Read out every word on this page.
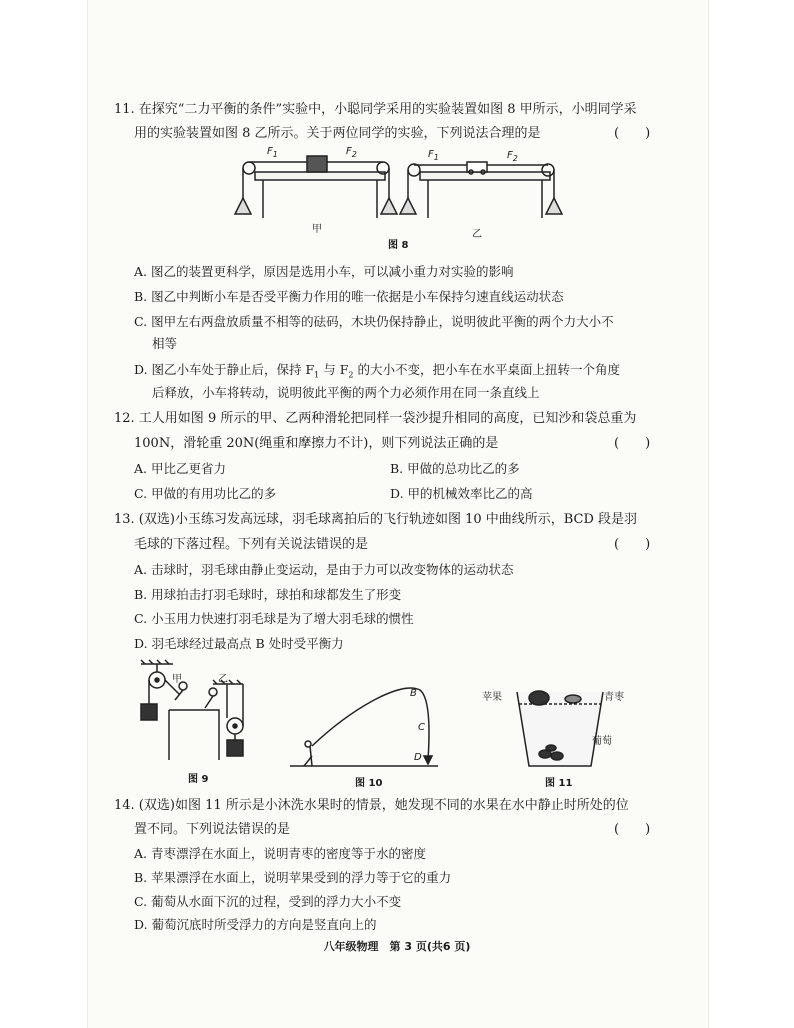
11. 在探究“二力平衡的条件”实验中，小聪同学采用的实验装置如图 8 甲所示，小明同学采
用的实验装置如图 8 乙所示。关于两位同学的实验，下列说法合理的是	(　　)
$F_1$	$F_2$	$F_1$	$F_2$
甲	乙
图 8
A. 图乙的装置更科学，原因是选用小车，可以减小重力对实验的影响
B. 图乙中判断小车是否受平衡力作用的唯一依据是小车保持匀速直线运动状态
C. 图甲左右两盘放质量不相等的砝码，木块仍保持静止，说明彼此平衡的两个力大小不
相等
D. 图乙小车处于静止后，保持 $F_1$ 与 $F_2$ 的大小不变，把小车在水平桌面上扭转一个角度
后释放，小车将转动，说明彼此平衡的两个力必须作用在同一条直线上
12. 工人用如图 9 所示的甲、乙两种滑轮把同样一袋沙提升相同的高度，已知沙和袋总重为
100N，滑轮重 20N(绳重和摩擦力不计)，则下列说法正确的是	(　　)
A. 甲比乙更省力	B. 甲做的总功比乙的多
C. 甲做的有用功比乙的多	D. 甲的机械效率比乙的高
13. (双选)小玉练习发高远球，羽毛球离拍后的飞行轨迹如图 10 中曲线所示，BCD 段是羽
毛球的下落过程。下列有关说法错误的是	(　　)
A. 击球时，羽毛球由静止变运动，是由于力可以改变物体的运动状态
B. 用球拍击打羽毛球时，球拍和球都发生了形变
C. 小玉用力快速打羽毛球是为了增大羽毛球的惯性
D. 羽毛球经过最高点 B 处时受平衡力
甲	乙
图 9
B
C
D
图 10
苹果	青枣
葡萄
图 11
14. (双选)如图 11 所示是小沐洗水果时的情景，她发现不同的水果在水中静止时所处的位
置不同。下列说法错误的是	(　　)
A. 青枣漂浮在水面上，说明青枣的密度等于水的密度
B. 苹果漂浮在水面上，说明苹果受到的浮力等于它的重力
C. 葡萄从水面下沉的过程，受到的浮力大小不变
D. 葡萄沉底时所受浮力的方向是竖直向上的
八年级物理　第 3 页(共6 页)
